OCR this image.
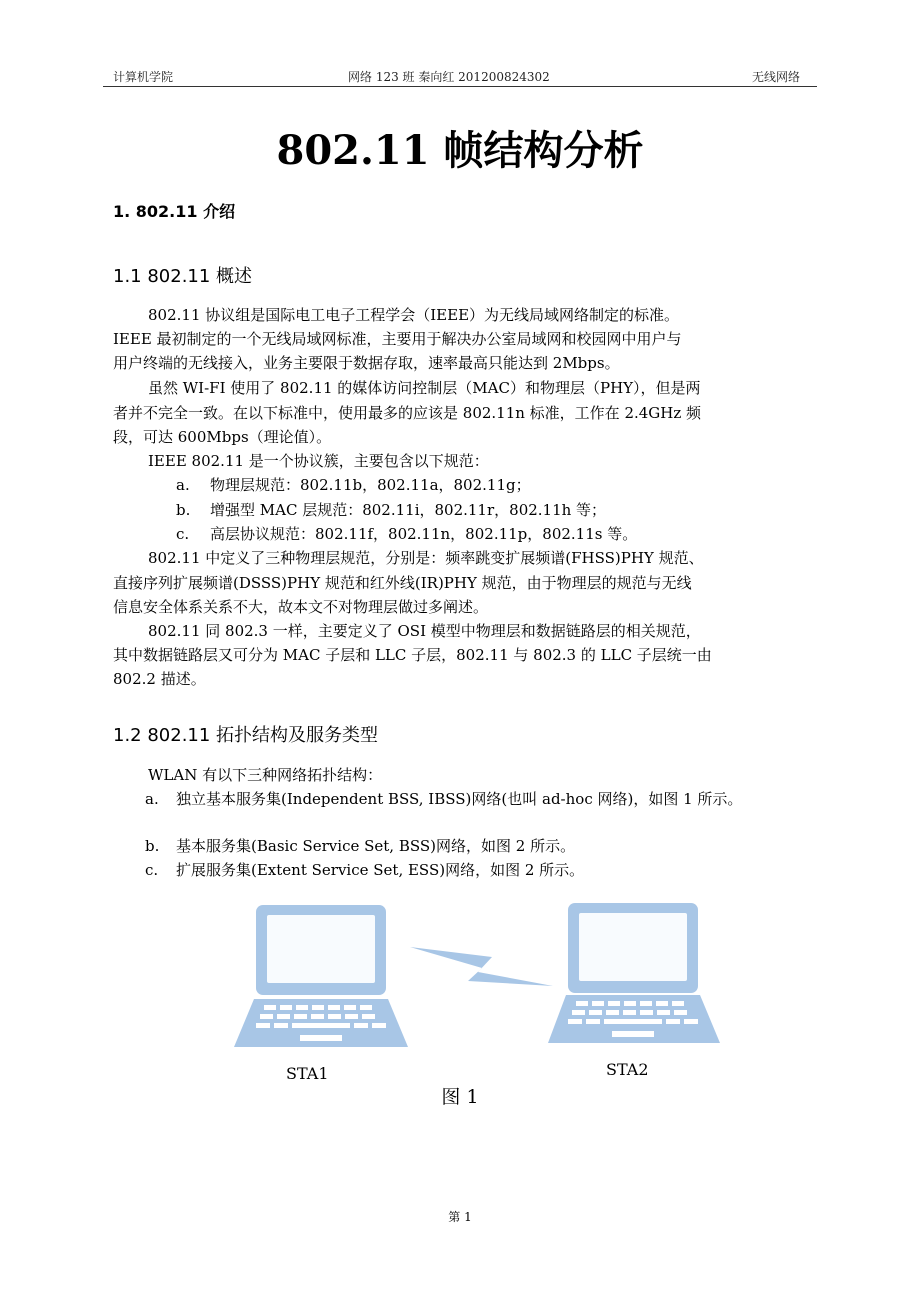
计算机学院	网络 123 班 秦向红 201200824302	无线网络
802.11 帧结构分析
1. 802.11 介绍
1.1 802.11 概述
802.11 协议组是国际电工电子工程学会（IEEE）为无线局域网络制定的标准。
IEEE 最初制定的一个无线局域网标准，主要用于解决办公室局域网和校园网中用户与
用户终端的无线接入，业务主要限于数据存取，速率最高只能达到 2Mbps。
虽然 WI-FI 使用了 802.11 的媒体访问控制层（MAC）和物理层（PHY），但是两
者并不完全一致。在以下标准中，使用最多的应该是 802.11n 标准，工作在 2.4GHz 频
段，可达 600Mbps（理论值）。
IEEE 802.11 是一个协议簇，主要包含以下规范：
a. 物理层规范：802.11b，802.11a，802.11g；
b. 增强型 MAC 层规范：802.11i，802.11r，802.11h 等；
c. 高层协议规范：802.11f，802.11n，802.11p，802.11s 等。
802.11 中定义了三种物理层规范，分别是：频率跳变扩展频谱(FHSS)PHY 规范、
直接序列扩展频谱(DSSS)PHY 规范和红外线(IR)PHY 规范，由于物理层的规范与无线
信息安全体系关系不大，故本文不对物理层做过多阐述。
802.11 同 802.3 一样，主要定义了 OSI 模型中物理层和数据链路层的相关规范，
其中数据链路层又可分为 MAC 子层和 LLC 子层，802.11 与 802.3 的 LLC 子层统一由
802.2 描述。
1.2 802.11 拓扑结构及服务类型
WLAN 有以下三种网络拓扑结构：
a. 独立基本服务集(Independent BSS, IBSS)网络(也叫 ad-hoc 网络)，如图 1 所示。
b. 基本服务集(Basic Service Set, BSS)网络，如图 2 所示。
c. 扩展服务集(Extent Service Set, ESS)网络，如图 2 所示。
STA1	STA2
图 1
第 1
